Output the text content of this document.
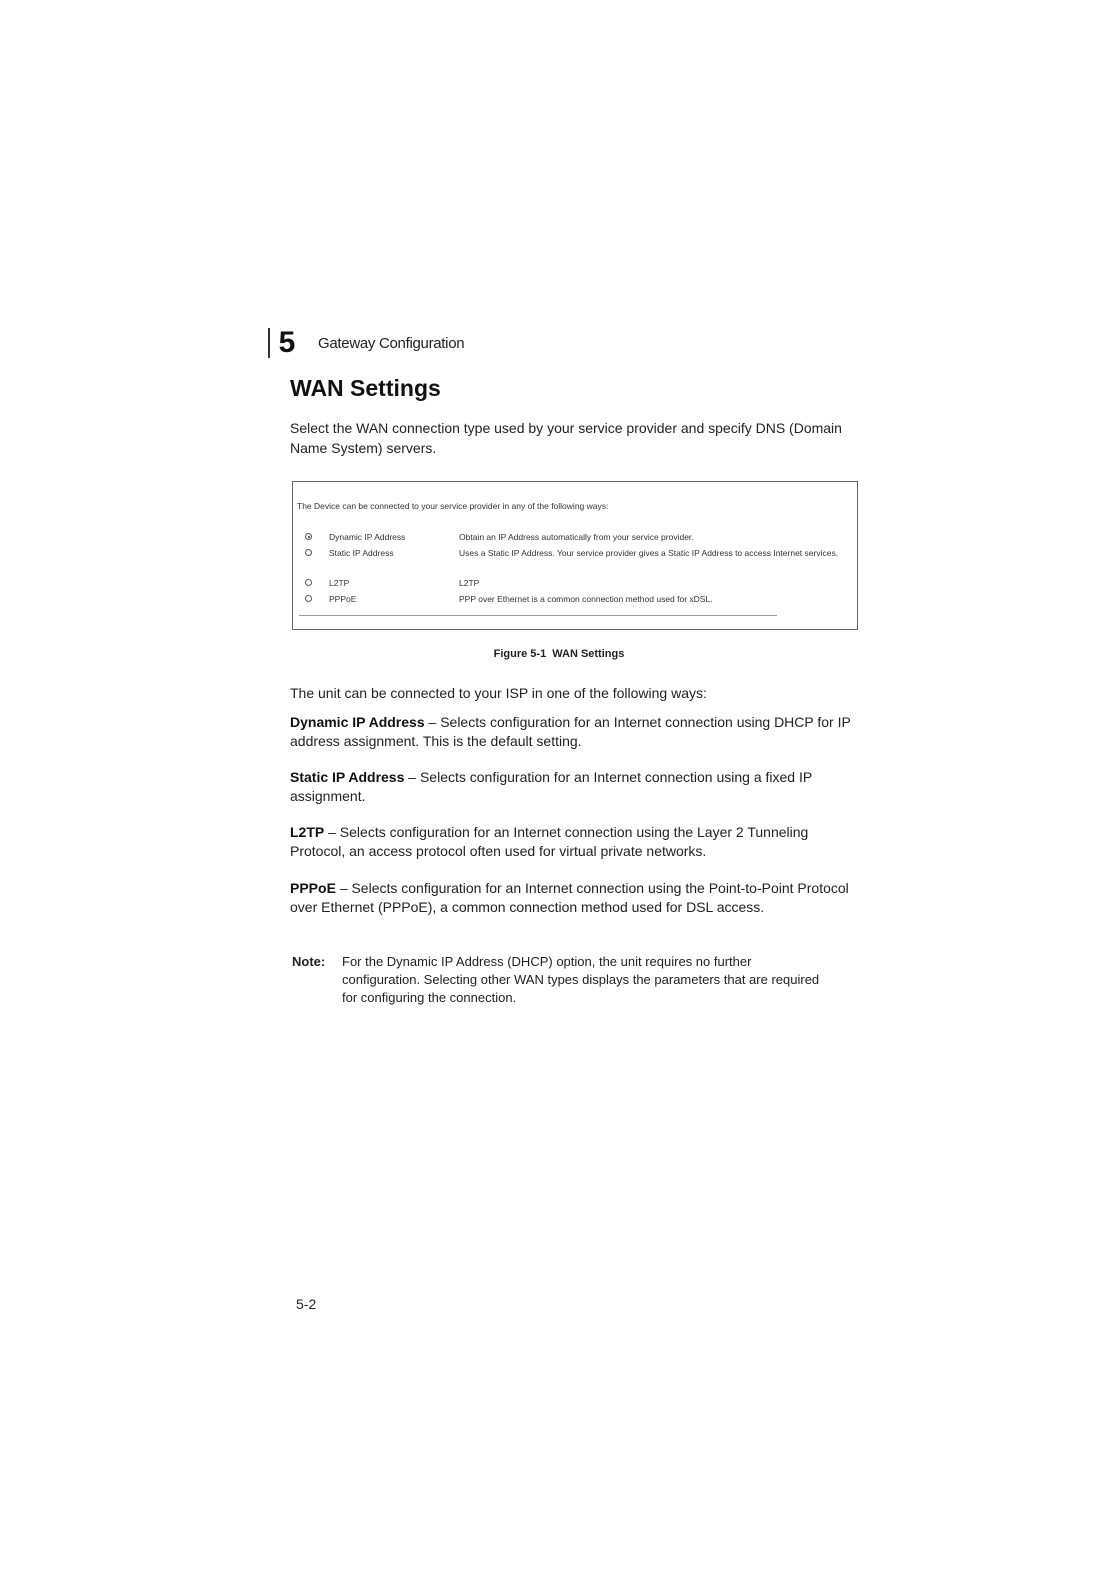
5	Gateway Configuration
WAN Settings

Select the WAN connection type used by your service provider and specify DNS (Domain Name System) servers.

The Device can be connected to your service provider in any of the following ways:
Dynamic IP Address	Obtain an IP Address automatically from your service provider.
Static IP Address	Uses a Static IP Address. Your service provider gives a Static IP Address to access Internet services.
L2TP	L2TP
PPPoE	PPP over Ethernet is a common connection method used for xDSL.
Figure 5-1 WAN Settings

The unit can be connected to your ISP in one of the following ways:

Dynamic IP Address – Selects configuration for an Internet connection using DHCP for IP address assignment. This is the default setting.

Static IP Address – Selects configuration for an Internet connection using a fixed IP assignment.

L2TP – Selects configuration for an Internet connection using the Layer 2 Tunneling Protocol, an access protocol often used for virtual private networks.

PPPoE – Selects configuration for an Internet connection using the Point-to-Point Protocol over Ethernet (PPPoE), a common connection method used for DSL access.

Note: For the Dynamic IP Address (DHCP) option, the unit requires no further configuration. Selecting other WAN types displays the parameters that are required for configuring the connection.
5-2
